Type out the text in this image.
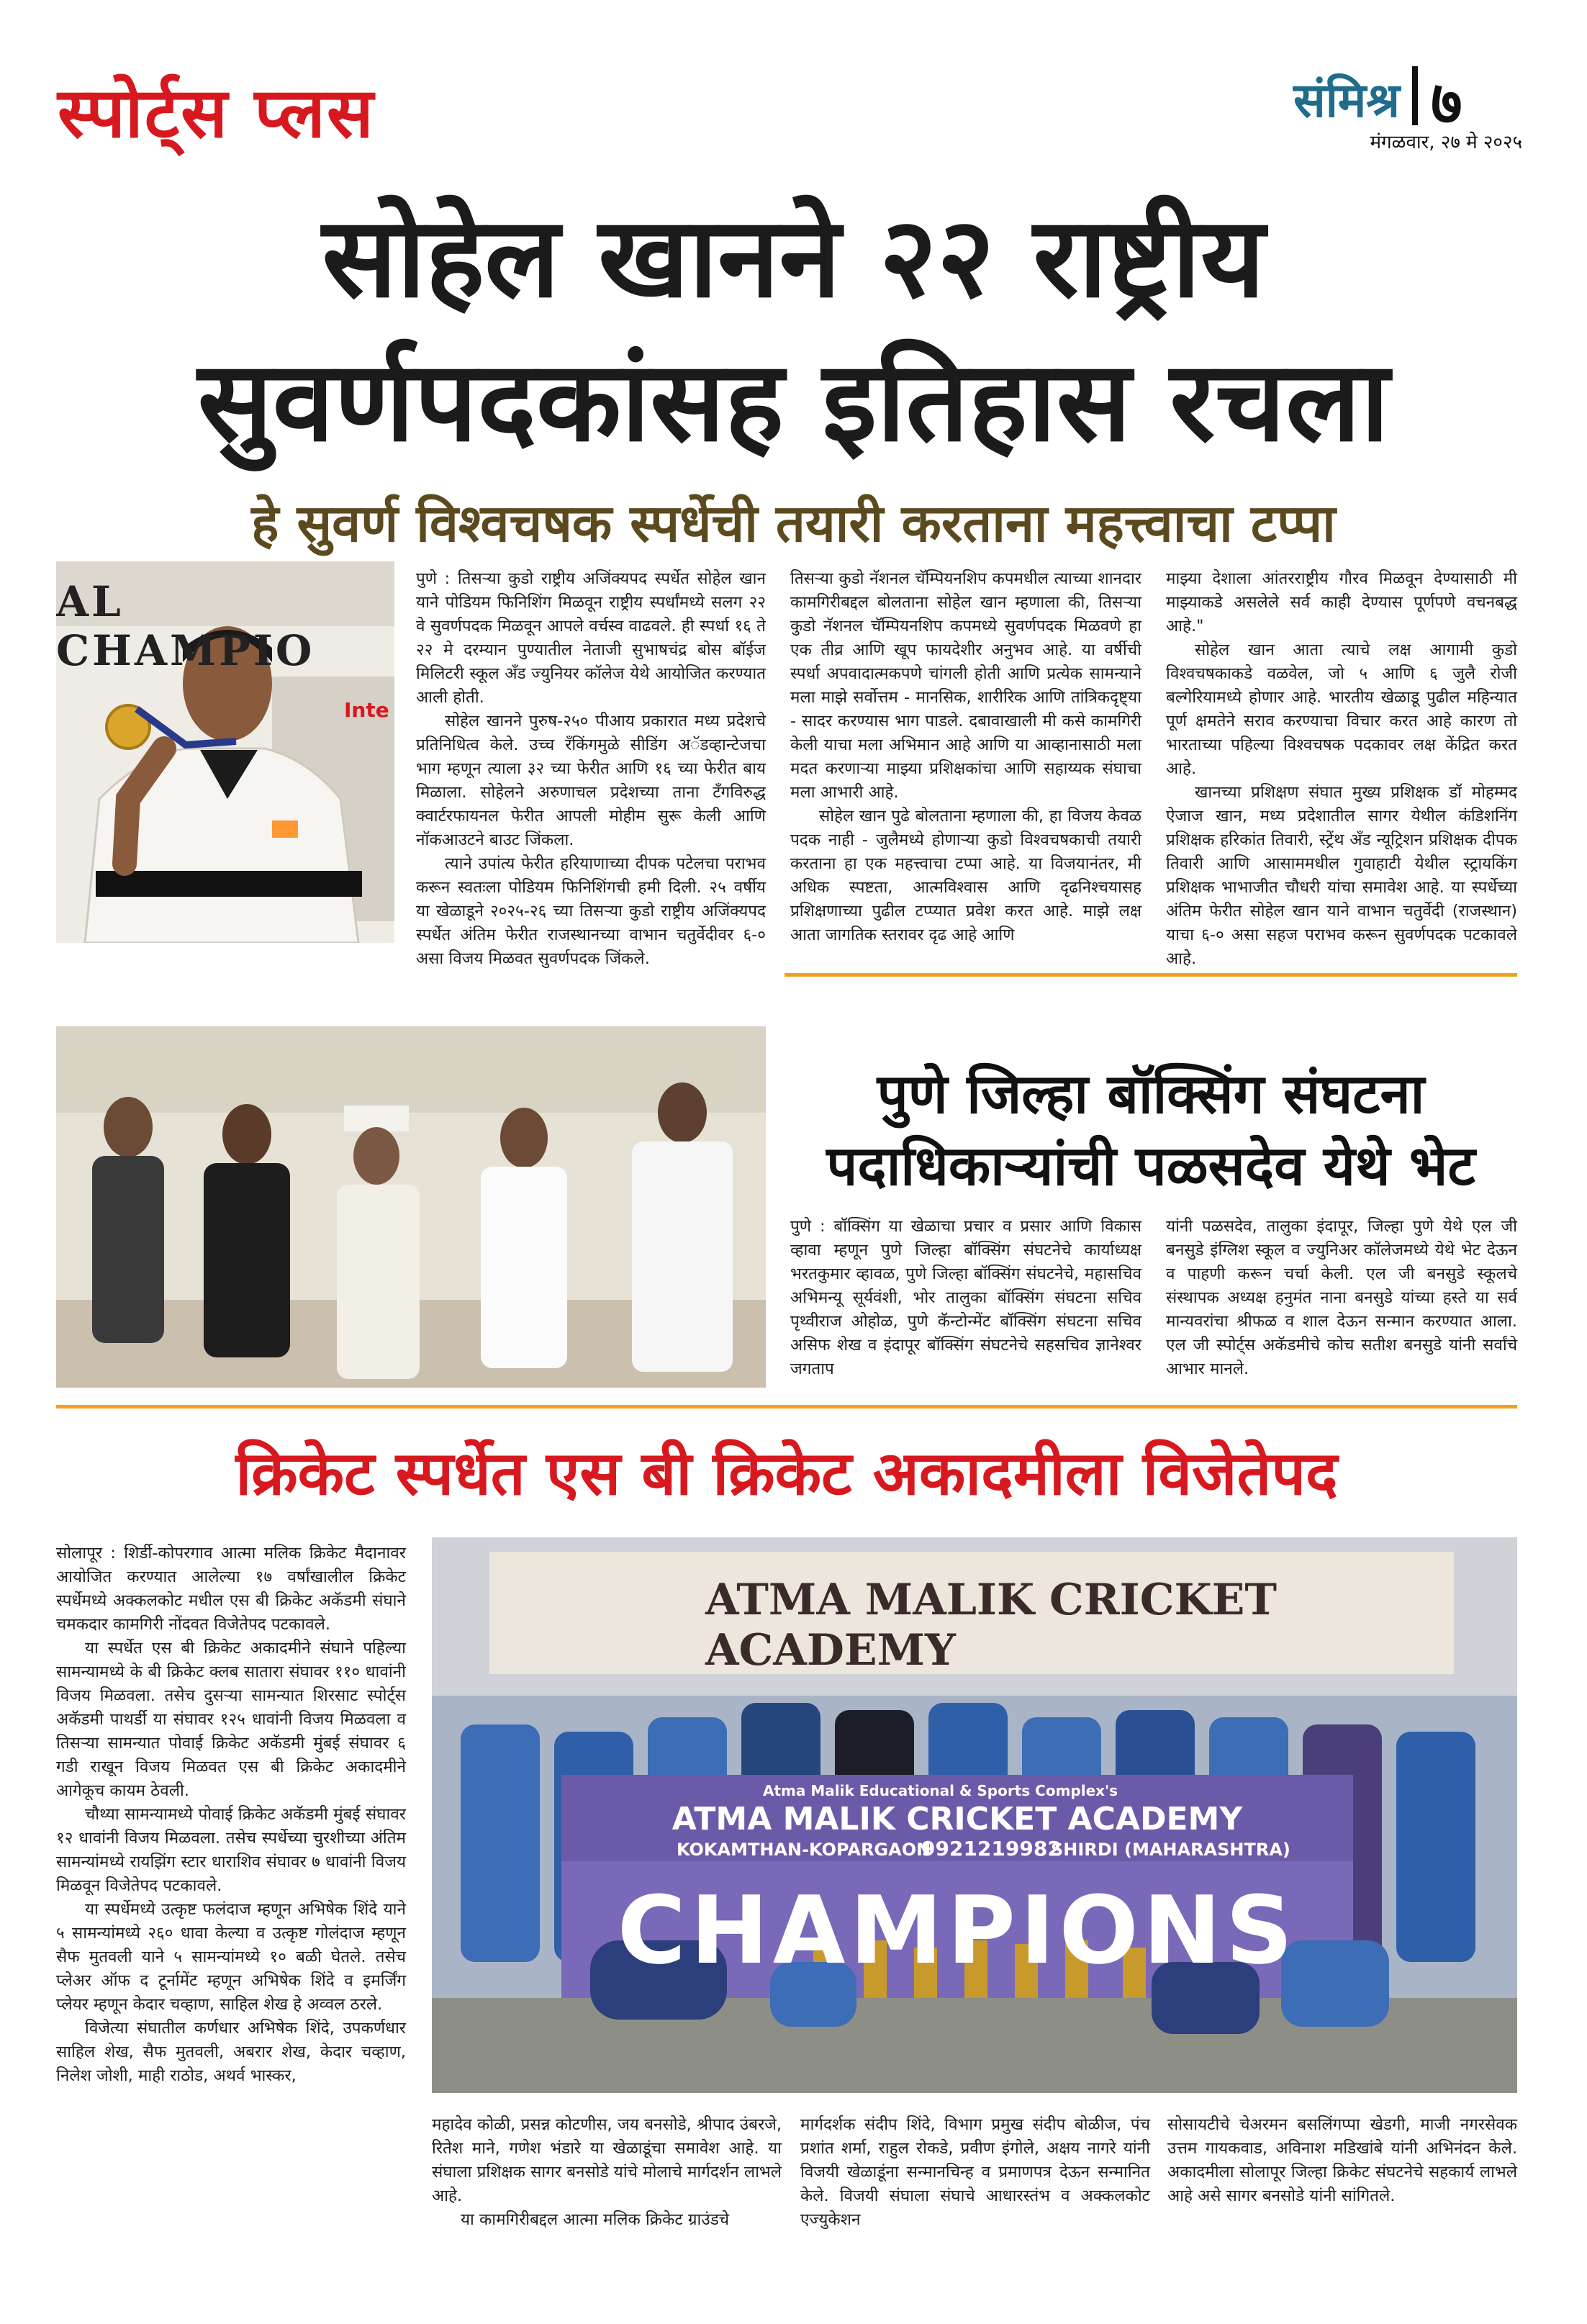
स्पोर्ट्स प्लस	संमिश्र ७
मंगळवार, २७ मे २०२५
सोहेल खानने २२ राष्ट्रीय
सुवर्णपदकांसह इतिहास रचला
हे सुवर्ण विश्वचषक स्पर्धेची तयारी करताना महत्त्वाचा टप्पा
AL CHAMPIO
Inte

पुणे : तिसऱ्या कुडो राष्ट्रीय अजिंक्यपद स्पर्धेत सोहेल खान याने पोडियम फिनिशिंग मिळवून राष्ट्रीय स्पर्धांमध्ये सलग २२ वे सुवर्णपदक मिळवून आपले वर्चस्व वाढवले. ही स्पर्धा १६ ते २२ मे दरम्यान पुण्यातील नेताजी सुभाषचंद्र बोस बॉईज मिलिटरी स्कूल अँड ज्युनियर कॉलेज येथे आयोजित करण्यात आली होती.

सोहेल खानने पुरुष-२५० पीआय प्रकारात मध्य प्रदेशचे प्रतिनिधित्व केले. उच्च रँकिंगमुळे सीडिंग अॅडव्हान्टेजचा भाग म्हणून त्याला ३२ च्या फेरीत आणि १६ च्या फेरीत बाय मिळाला. सोहेलने अरुणाचल प्रदेशच्या ताना टँगविरुद्ध क्वार्टरफायनल फेरीत आपली मोहीम सुरू केली आणि नॉकआउटने बाउट जिंकला.

त्याने उपांत्य फेरीत हरियाणाच्या दीपक पटेलचा पराभव करून स्वतःला पोडियम फिनिशिंगची हमी दिली. २५ वर्षीय या खेळाडूने २०२५-२६ च्या तिसऱ्या कुडो राष्ट्रीय अजिंक्यपद स्पर्धेत अंतिम फेरीत राजस्थानच्या वाभान चतुर्वेदीवर ६-० असा विजय मिळवत सुवर्णपदक जिंकले.

तिसऱ्या कुडो नॅशनल चॅम्पियनशिप कपमधील त्याच्या शानदार कामगिरीबद्दल बोलताना सोहेल खान म्हणाला की, तिसऱ्या कुडो नॅशनल चॅम्पियनशिप कपमध्ये सुवर्णपदक मिळवणे हा एक तीव्र आणि खूप फायदेशीर अनुभव आहे. या वर्षीची स्पर्धा अपवादात्मकपणे चांगली होती आणि प्रत्येक सामन्याने मला माझे सर्वोत्तम - मानसिक, शारीरिक आणि तांत्रिकदृष्ट्या - सादर करण्यास भाग पाडले. दबावाखाली मी कसे कामगिरी केली याचा मला अभिमान आहे आणि या आव्हानासाठी मला मदत करणाऱ्या माझ्या प्रशिक्षकांचा आणि सहाय्यक संघाचा मला आभारी आहे.

सोहेल खान पुढे बोलताना म्हणाला की, हा विजय केवळ पदक नाही - जुलैमध्ये होणाऱ्या कुडो विश्वचषकाची तयारी करताना हा एक महत्त्वाचा टप्पा आहे. या विजयानंतर, मी अधिक स्पष्टता, आत्मविश्वास आणि दृढनिश्चयासह प्रशिक्षणाच्या पुढील टप्प्यात प्रवेश करत आहे. माझे लक्ष आता जागतिक स्तरावर दृढ आहे आणि

माझ्या देशाला आंतरराष्ट्रीय गौरव मिळवून देण्यासाठी मी माझ्याकडे असलेले सर्व काही देण्यास पूर्णपणे वचनबद्ध आहे."

सोहेल खान आता त्याचे लक्ष आगामी कुडो विश्वचषकाकडे वळवेल, जो ५ आणि ६ जुलै रोजी बल्गेरियामध्ये होणार आहे. भारतीय खेळाडू पुढील महिन्यात पूर्ण क्षमतेने सराव करण्याचा विचार करत आहे कारण तो भारताच्या पहिल्या विश्वचषक पदकावर लक्ष केंद्रित करत आहे.

खानच्या प्रशिक्षण संघात मुख्य प्रशिक्षक डॉ मोहम्मद ऐजाज खान, मध्य प्रदेशातील सागर येथील कंडिशनिंग प्रशिक्षक हरिकांत तिवारी, स्ट्रेंथ अँड न्यूट्रिशन प्रशिक्षक दीपक तिवारी आणि आसाममधील गुवाहाटी येथील स्ट्रायकिंग प्रशिक्षक भाभाजीत चौधरी यांचा समावेश आहे. या स्पर्धेच्या अंतिम फेरीत सोहेल खान याने वाभान चतुर्वेदी (राजस्थान) याचा ६-० असा सहज पराभव करून सुवर्णपदक पटकावले आहे.

पुणे जिल्हा बॉक्सिंग संघटना
पदाधिकाऱ्यांची पळसदेव येथे भेट

पुणे : बॉक्सिंग या खेळाचा प्रचार व प्रसार आणि विकास व्हावा म्हणून पुणे जिल्हा बॉक्सिंग संघटनेचे कार्याध्यक्ष भरतकुमार व्हावळ, पुणे जिल्हा बॉक्सिंग संघटनेचे, महासचिव अभिमन्यू सूर्यवंशी, भोर तालुका बॉक्सिंग संघटना सचिव पृथ्वीराज ओहोळ, पुणे कॅन्टोन्मेंट बॉक्सिंग संघटना सचिव असिफ शेख व इंदापूर बॉक्सिंग संघटनेचे सहसचिव ज्ञानेश्वर जगताप

यांनी पळसदेव, तालुका इंदापूर, जिल्हा पुणे येथे एल जी बनसुडे इंग्लिश स्कूल व ज्युनिअर कॉलेजमध्ये येथे भेट देऊन व पाहणी करून चर्चा केली. एल जी बनसुडे स्कूलचे संस्थापक अध्यक्ष हनुमंत नाना बनसुडे यांच्या हस्ते या सर्व मान्यवरांचा श्रीफळ व शाल देऊन सन्मान करण्यात आला. एल जी स्पोर्ट्स अकॅडमीचे कोच सतीश बनसुडे यांनी सर्वांचे आभार मानले.

क्रिकेट स्पर्धेत एस बी क्रिकेट अकादमीला विजेतेपद

सोलापूर : शिर्डी-कोपरगाव आत्मा मलिक क्रिकेट मैदानावर आयोजित करण्यात आलेल्या १७ वर्षांखालील क्रिकेट स्पर्धेमध्ये अक्कलकोट मधील एस बी क्रिकेट अकॅडमी संघाने चमकदार कामगिरी नोंदवत विजेतेपद पटकावले.

या स्पर्धेत एस बी क्रिकेट अकादमीने संघाने पहिल्या सामन्यामध्ये के बी क्रिकेट क्लब सातारा संघावर ११० धावांनी विजय मिळवला. तसेच दुसऱ्या सामन्यात शिरसाट स्पोर्ट्स अकॅडमी पाथर्डी या संघावर १२५ धावांनी विजय मिळवला व तिसऱ्या सामन्यात पोवाई क्रिकेट अकॅडमी मुंबई संघावर ६ गडी राखून विजय मिळवत एस बी क्रिकेट अकादमीने आगेकूच कायम ठेवली.

चौथ्या सामन्यामध्ये पोवाई क्रिकेट अकॅडमी मुंबई संघावर १२ धावांनी विजय मिळवला. तसेच स्पर्धेच्या चुरशीच्या अंतिम सामन्यांमध्ये रायझिंग स्टार धाराशिव संघावर ७ धावांनी विजय मिळवून विजेतेपद पटकावले.

या स्पर्धेमध्ये उत्कृष्ट फलंदाज म्हणून अभिषेक शिंदे याने ५ सामन्यांमध्ये २६० धावा केल्या व उत्कृष्ट गोलंदाज म्हणून सैफ मुतवली याने ५ सामन्यांमध्ये १० बळी घेतले. तसेच प्लेअर ऑफ द टूर्नामेंट म्हणून अभिषेक शिंदे व इमर्जिंग प्लेयर म्हणून केदार चव्हाण, साहिल शेख हे अव्वल ठरले.

विजेत्या संघातील कर्णधार अभिषेक शिंदे, उपकर्णधार साहिल शेख, सैफ मुतवली, अबरार शेख, केदार चव्हाण, निलेश जोशी, माही राठोड, अथर्व भास्कर,

ATMA MALIK CRICKET ACADEMY
Atma Malik Educational & Sports Complex's
ATMA MALIK CRICKET ACADEMY
KOKAMTHAN-KOPARGAON
9921219982
SHIRDI (MAHARASHTRA)
CHAMPIONS

महादेव कोळी, प्रसन्न कोटणीस, जय बनसोडे, श्रीपाद उंबरजे, रितेश माने, गणेश भंडारे या खेळाडूंचा समावेश आहे. या संघाला प्रशिक्षक सागर बनसोडे यांचे मोलाचे मार्गदर्शन लाभले आहे.

या कामगिरीबद्दल आत्मा मलिक क्रिकेट ग्राउंडचे

मार्गदर्शक संदीप शिंदे, विभाग प्रमुख संदीप बोळीज, पंच प्रशांत शर्मा, राहुल रोकडे, प्रवीण इंगोले, अक्षय नागरे यांनी विजयी खेळाडूंना सन्मानचिन्ह व प्रमाणपत्र देऊन सन्मानित केले. विजयी संघाला संघाचे आधारस्तंभ व अक्कलकोट एज्युकेशन

सोसायटीचे चेअरमन बसलिंगप्पा खेडगी, माजी नगरसेवक उत्तम गायकवाड, अविनाश मडिखांबे यांनी अभिनंदन केले. अकादमीला सोलापूर जिल्हा क्रिकेट संघटनेचे सहकार्य लाभले आहे असे सागर बनसोडे यांनी सांगितले.
